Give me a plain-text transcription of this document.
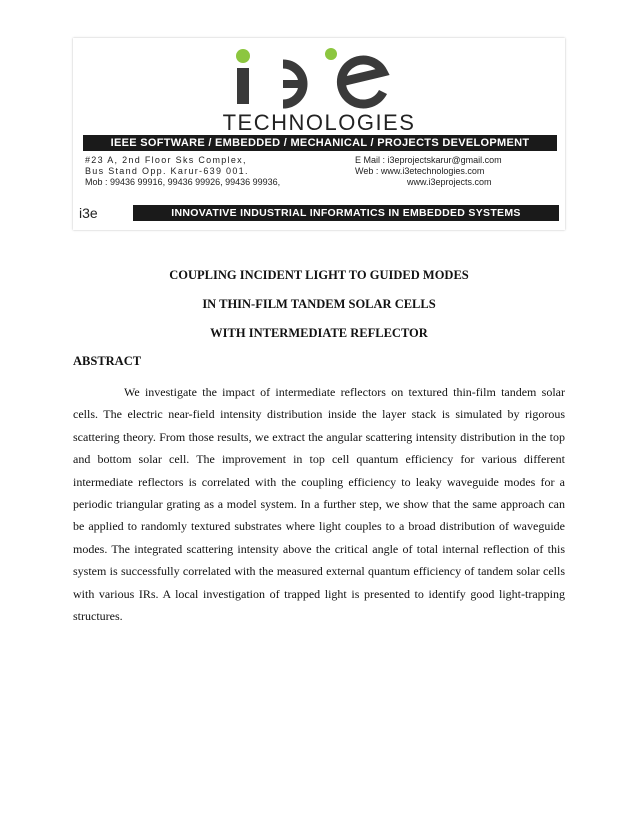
TECHNOLOGIES
IEEE SOFTWARE / EMBEDDED / MECHANICAL / PROJECTS DEVELOPMENT
#23 A, 2nd Floor Sks Complex,
Bus Stand Opp. Karur-639 001.
Mob : 99436 99916, 99436 99926, 99436 99936,
E Mail : i3eprojectskarur@gmail.com
Web : www.i3etechnologies.com
www.i3eprojects.com
i3e	INNOVATIVE INDUSTRIAL INFORMATICS IN EMBEDDED SYSTEMS
COUPLING INCIDENT LIGHT TO GUIDED MODES
IN THIN-FILM TANDEM SOLAR CELLS
WITH INTERMEDIATE REFLECTOR
ABSTRACT
We investigate the impact of intermediate reflectors on textured thin-film tandem solar cells. The electric near-field intensity distribution inside the layer stack is simulated by rigorous scattering theory. From those results, we extract the angular scattering intensity distribution in the top and bottom solar cell. The improvement in top cell quantum efficiency for various different intermediate reflectors is correlated with the coupling efficiency to leaky waveguide modes for a periodic triangular grating as a model system. In a further step, we show that the same approach can be applied to randomly textured substrates where light couples to a broad distribution of waveguide modes. The integrated scattering intensity above the critical angle of total internal reflection of this system is successfully correlated with the measured external quantum efficiency of tandem solar cells with various IRs. A local investigation of trapped light is presented to identify good light-trapping structures.
